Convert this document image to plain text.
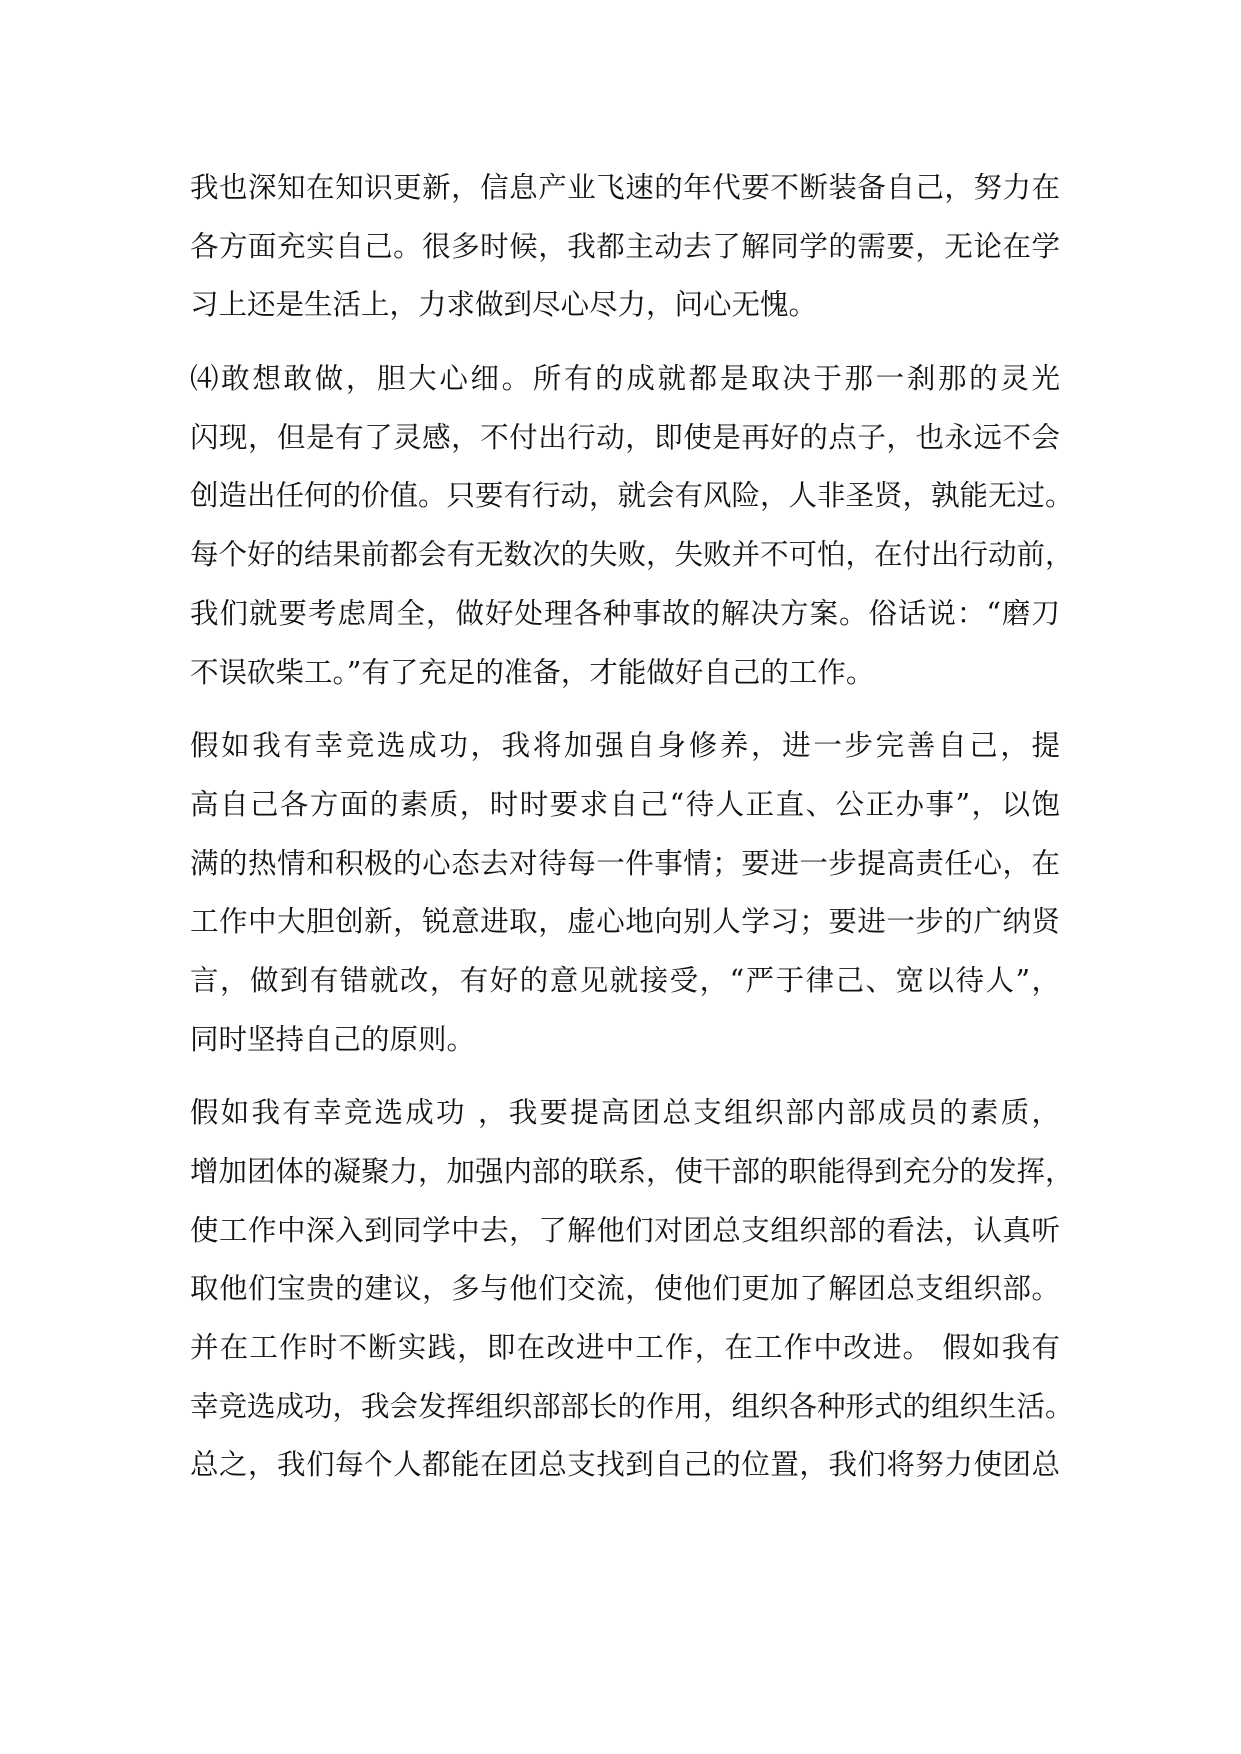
我也深知在知识更新，信息产业飞速的年代要不断装备自己，努力在
各方面充实自己。很多时候，我都主动去了解同学的需要，无论在学
习上还是生活上，力求做到尽心尽力，问心无愧。
⑷敢想敢做，胆大心细。所有的成就都是取决于那一刹那的灵光
闪现，但是有了灵感，不付出行动，即使是再好的点子，也永远不会
创造出任何的价值。只要有行动，就会有风险，人非圣贤，孰能无过。
每个好的结果前都会有无数次的失败，失败并不可怕，在付出行动前，
我们就要考虑周全，做好处理各种事故的解决方案。俗话说：“磨刀
不误砍柴工。”有了充足的准备，才能做好自己的工作。
假如我有幸竞选成功，我将加强自身修养，进一步完善自己，提
高自己各方面的素质，时时要求自己“待人正直、公正办事”，以饱
满的热情和积极的心态去对待每一件事情；要进一步提高责任心，在
工作中大胆创新，锐意进取，虚心地向别人学习；要进一步的广纳贤
言，做到有错就改，有好的意见就接受，“严于律己、宽以待人”，
同时坚持自己的原则。
假如我有幸竞选成功 ，我要提高团总支组织部内部成员的素质，
增加团体的凝聚力，加强内部的联系，使干部的职能得到充分的发挥，
使工作中深入到同学中去，了解他们对团总支组织部的看法，认真听
取他们宝贵的建议，多与他们交流，使他们更加了解团总支组织部。
并在工作时不断实践，即在改进中工作，在工作中改进。 假如我有
幸竞选成功，我会发挥组织部部长的作用，组织各种形式的组织生活。
总之，我们每个人都能在团总支找到自己的位置，我们将努力使团总
